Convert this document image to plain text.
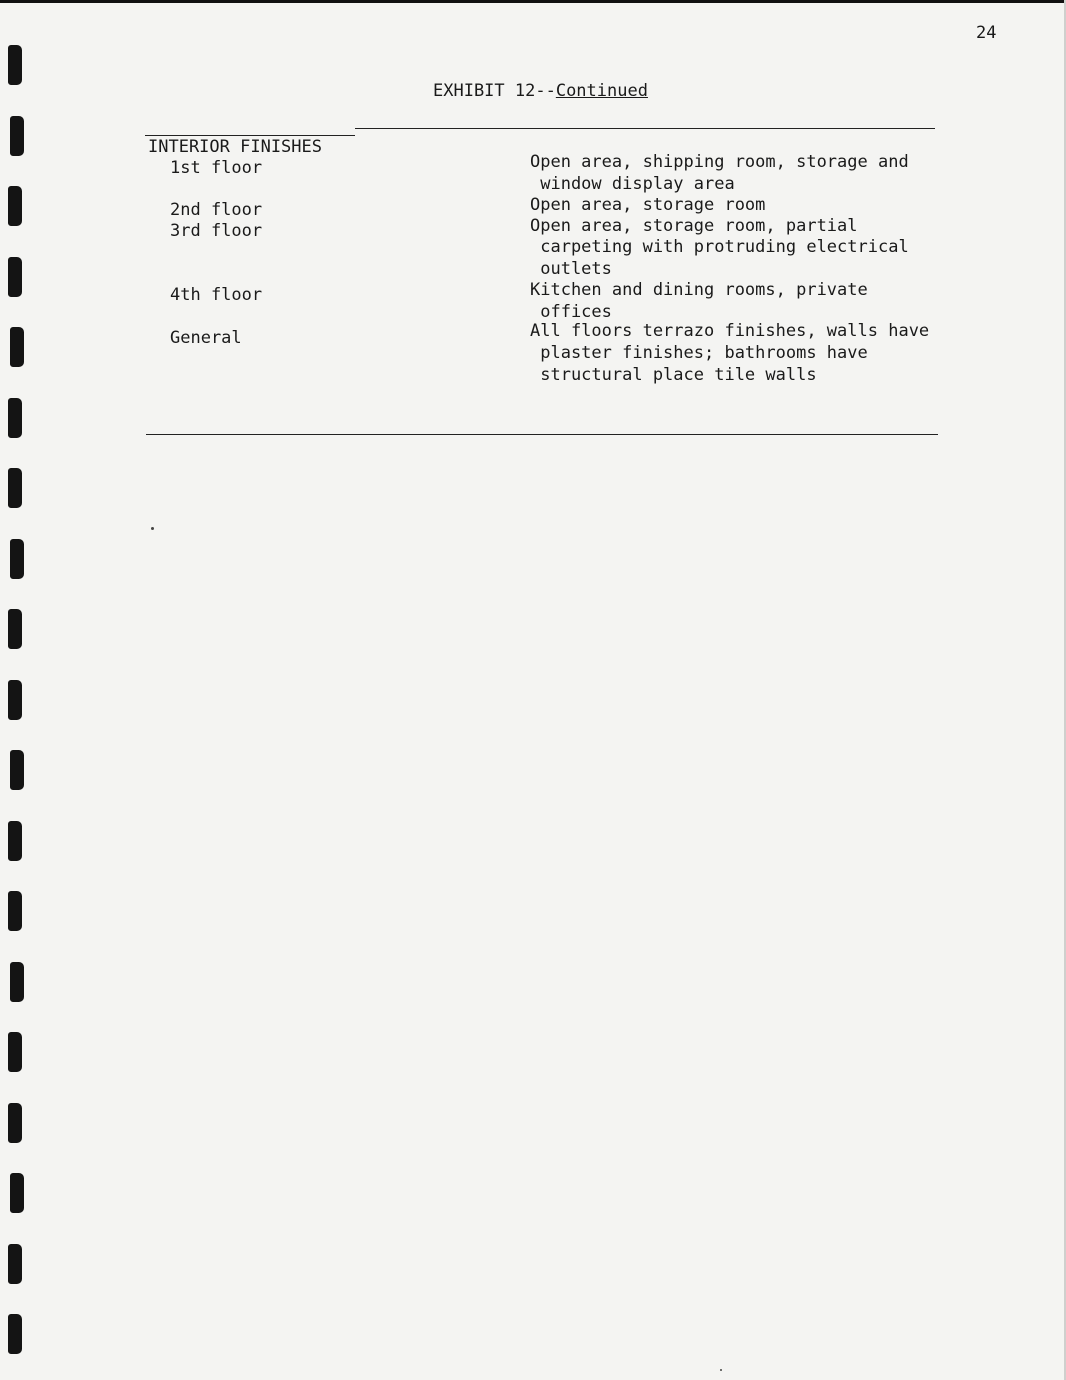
24
EXHIBIT 12--Continued
INTERIOR FINISHES
1st floor	Open area, shipping room, storage and
window display area
2nd floor	Open area, storage room
3rd floor	Open area, storage room, partial
carpeting with protruding electrical
outlets
4th floor	Kitchen and dining rooms, private
offices
General	All floors terrazo finishes, walls have
plaster finishes; bathrooms have
structural place tile walls
